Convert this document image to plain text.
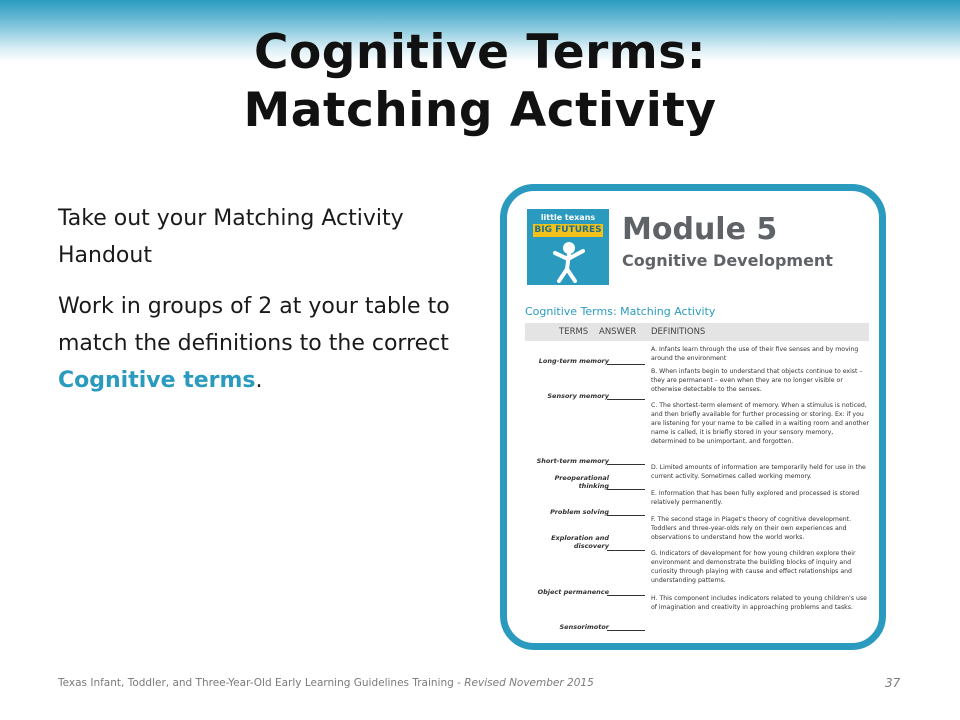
Cognitive Terms:
Matching Activity

Take out your Matching Activity Handout

Work in groups of 2 at your table to match the definitions to the correct Cognitive terms.

little texans
BIG FUTURES Module 5
Cognitive Development
Cognitive Terms: Matching Activity
TERMS ANSWER DEFINITIONS
Long-term memory
Sensory memory
Short-term memory
Preoperational thinking
Problem solving
Exploration and discovery
Object permanence
Sensorimotor
A. Infants learn through the use of their five senses and by moving around the environment
B. When infants begin to understand that objects continue to exist – they are permanent – even when they are no longer visible or otherwise detectable to the senses.
C. The shortest-term element of memory. When a stimulus is noticed, and then briefly available for further processing or storing. Ex: if you are listening for your name to be called in a waiting room and another name is called, it is briefly stored in your sensory memory, determined to be unimportant, and forgotten.
D. Limited amounts of information are temporarily held for use in the current activity. Sometimes called working memory.
E. Information that has been fully explored and processed is stored relatively permanently.
F. The second stage in Piaget's theory of cognitive development. Toddlers and three-year-olds rely on their own experiences and observations to understand how the world works.
G. Indicators of development for how young children explore their environment and demonstrate the building blocks of inquiry and curiosity through playing with cause and effect relationships and understanding patterns.
H. This component includes indicators related to young children's use of imagination and creativity in approaching problems and tasks.
Texas Infant, Toddler, and Three-Year-Old Early Learning Guidelines Training - Revised November 2015	37
